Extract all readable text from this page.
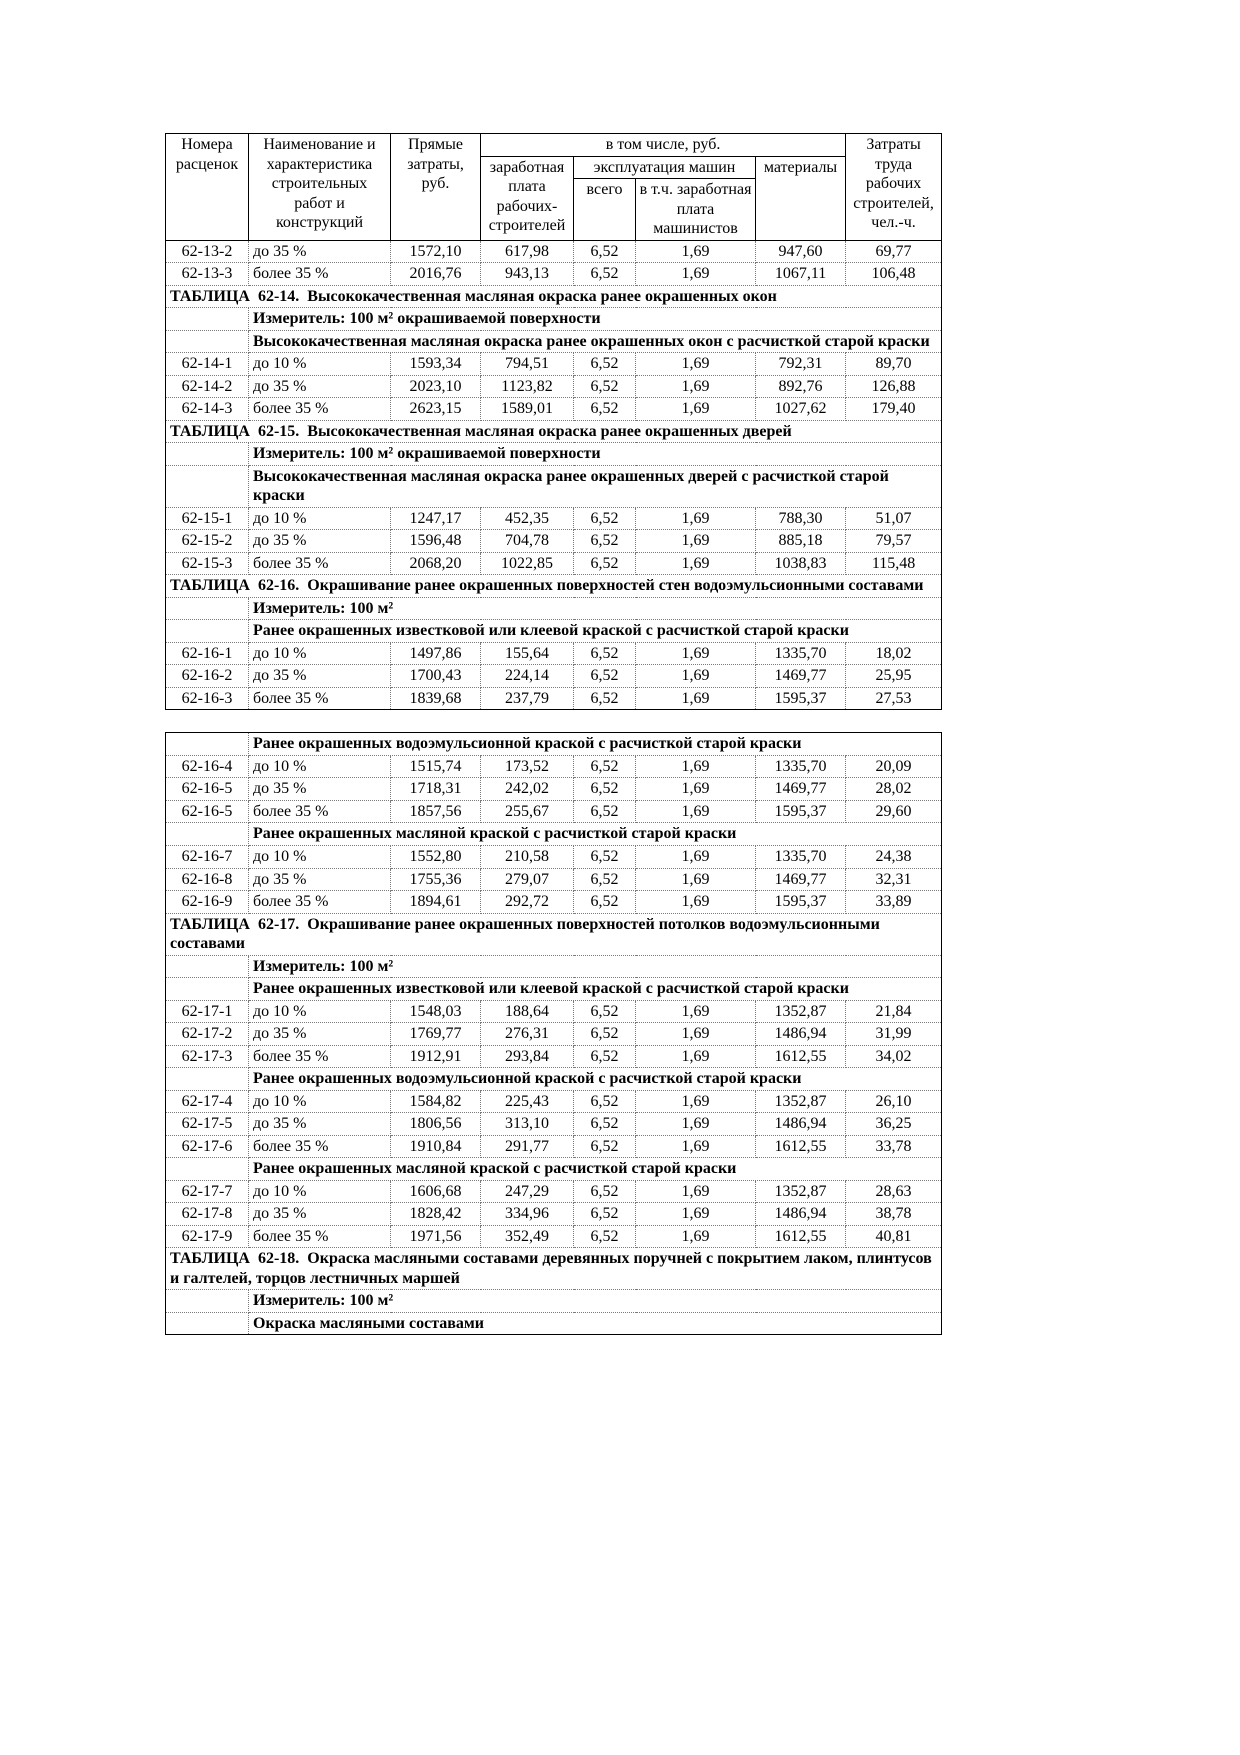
Номера расценок	Наименование и характеристика строительных работ и конструкций	Прямые затраты, руб.	в том числе, руб.				Затраты труда рабочих строителей, чел.-ч.
			заработная плата рабочих-строителей	эксплуатация машин		материалы	
				всего	в т.ч. заработная плата машинистов		
62-13-2	до 35 %	1572,10	617,98	6,52	1,69	947,60	69,77
62-13-3	более 35 %	2016,76	943,13	6,52	1,69	1067,11	106,48
ТАБЛИЦА  62-14.  Высококачественная масляная окраска ранее окрашенных окон							
	Измеритель: 100 м² окрашиваемой поверхности						
	Высококачественная масляная окраска ранее окрашенных окон с расчисткой старой краски						
62-14-1	до 10 %	1593,34	794,51	6,52	1,69	792,31	89,70
62-14-2	до 35 %	2023,10	1123,82	6,52	1,69	892,76	126,88
62-14-3	более 35 %	2623,15	1589,01	6,52	1,69	1027,62	179,40
ТАБЛИЦА  62-15.  Высококачественная масляная окраска ранее окрашенных дверей							
	Измеритель: 100 м² окрашиваемой поверхности						
	Высококачественная масляная окраска ранее окрашенных дверей с расчисткой старой краски						
62-15-1	до 10 %	1247,17	452,35	6,52	1,69	788,30	51,07
62-15-2	до 35 %	1596,48	704,78	6,52	1,69	885,18	79,57
62-15-3	более 35 %	2068,20	1022,85	6,52	1,69	1038,83	115,48
ТАБЛИЦА  62-16.  Окрашивание ранее окрашенных поверхностей стен водоэмульсионными составами							
	Измеритель: 100 м²						
	Ранее окрашенных известковой или клеевой краской с расчисткой старой краски						
62-16-1	до 10 %	1497,86	155,64	6,52	1,69	1335,70	18,02
62-16-2	до 35 %	1700,43	224,14	6,52	1,69	1469,77	25,95
62-16-3	более 35 %	1839,68	237,79	6,52	1,69	1595,37	27,53
	Ранее окрашенных водоэмульсионной краской с расчисткой старой краски						
62-16-4	до 10 %	1515,74	173,52	6,52	1,69	1335,70	20,09
62-16-5	до 35 %	1718,31	242,02	6,52	1,69	1469,77	28,02
62-16-5	более 35 %	1857,56	255,67	6,52	1,69	1595,37	29,60
	Ранее окрашенных масляной краской с расчисткой старой краски						
62-16-7	до 10 %	1552,80	210,58	6,52	1,69	1335,70	24,38
62-16-8	до 35 %	1755,36	279,07	6,52	1,69	1469,77	32,31
62-16-9	более 35 %	1894,61	292,72	6,52	1,69	1595,37	33,89
ТАБЛИЦА  62-17.  Окрашивание ранее окрашенных поверхностей потолков водоэмульсионными составами							
	Измеритель: 100 м²						
	Ранее окрашенных известковой или клеевой краской с расчисткой старой краски						
62-17-1	до 10 %	1548,03	188,64	6,52	1,69	1352,87	21,84
62-17-2	до 35 %	1769,77	276,31	6,52	1,69	1486,94	31,99
62-17-3	более 35 %	1912,91	293,84	6,52	1,69	1612,55	34,02
	Ранее окрашенных водоэмульсионной краской с расчисткой старой краски						
62-17-4	до 10 %	1584,82	225,43	6,52	1,69	1352,87	26,10
62-17-5	до 35 %	1806,56	313,10	6,52	1,69	1486,94	36,25
62-17-6	более 35 %	1910,84	291,77	6,52	1,69	1612,55	33,78
	Ранее окрашенных масляной краской с расчисткой старой краски						
62-17-7	до 10 %	1606,68	247,29	6,52	1,69	1352,87	28,63
62-17-8	до 35 %	1828,42	334,96	6,52	1,69	1486,94	38,78
62-17-9	более 35 %	1971,56	352,49	6,52	1,69	1612,55	40,81
ТАБЛИЦА  62-18.  Окраска масляными составами деревянных поручней с покрытием лаком, плинтусов и галтелей, торцов лестничных маршей							
	Измеритель: 100 м²						
	Окраска масляными составами						
